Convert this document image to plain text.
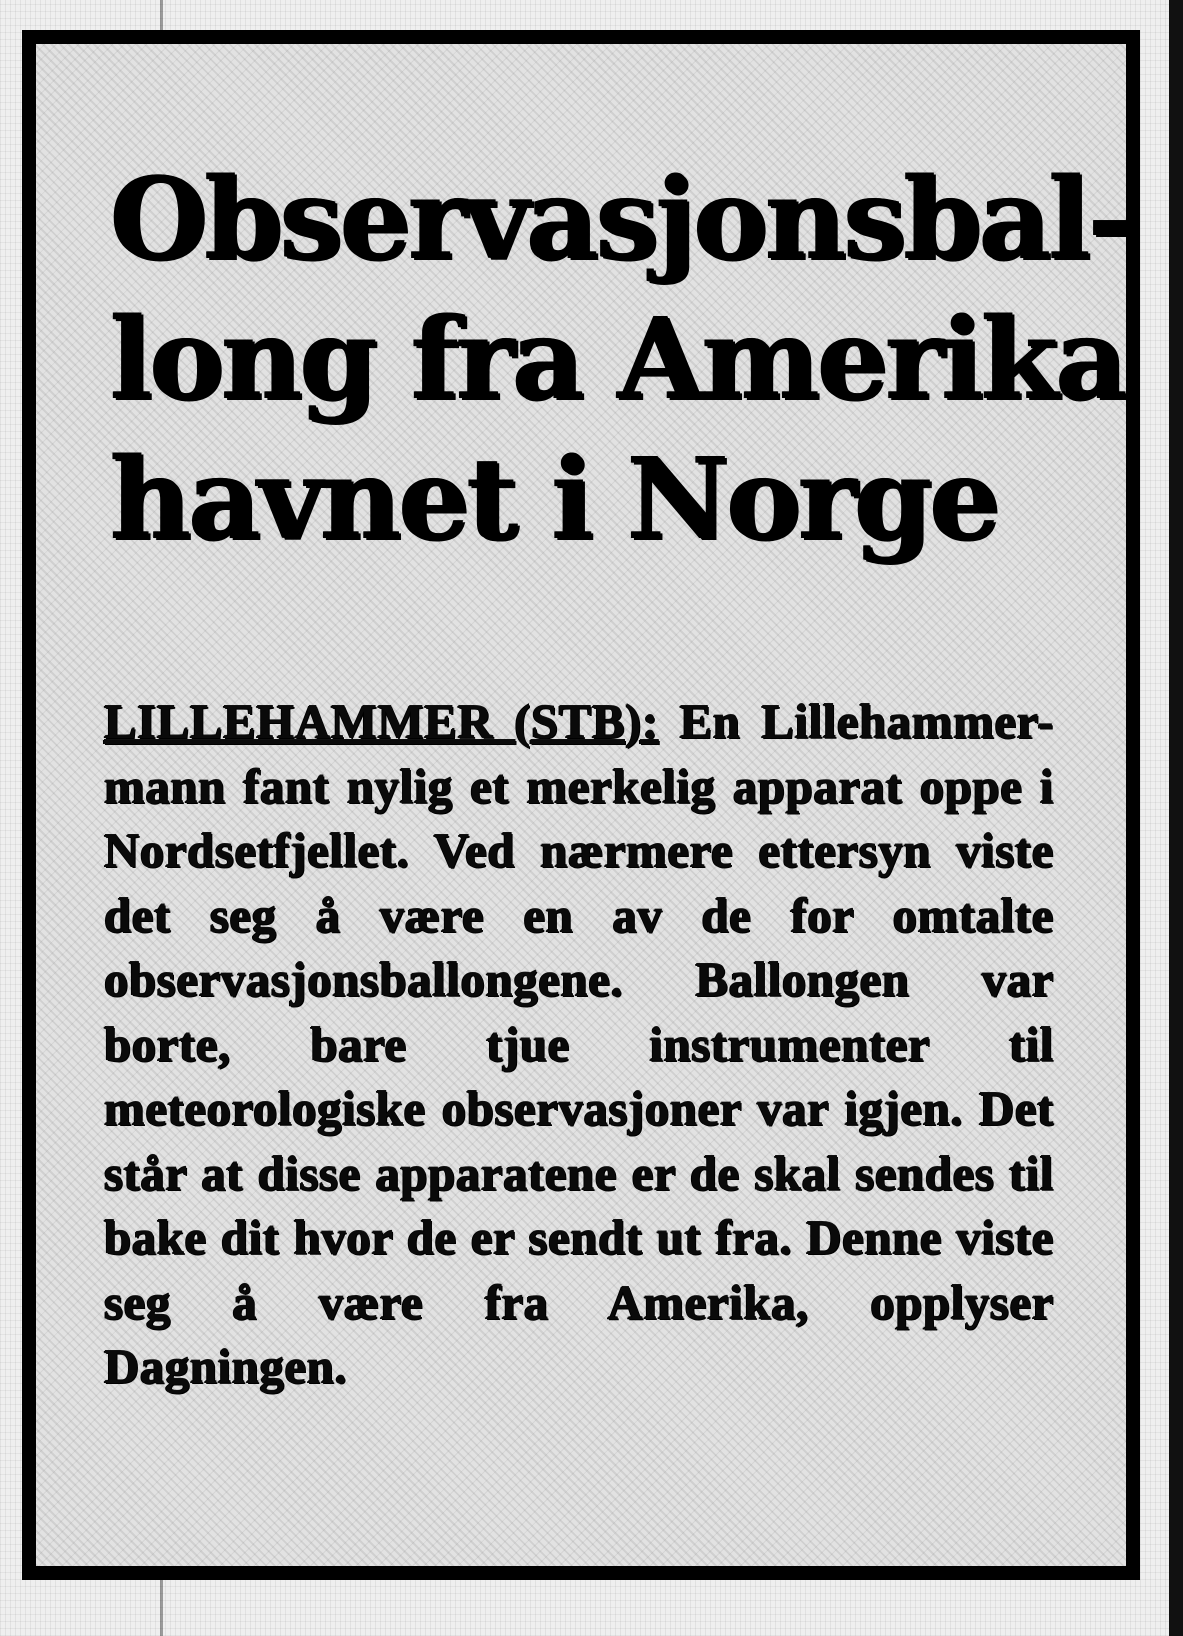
Observasjonsbal-
long fra Amerika
havnet i Norge

LILLEHAMMER (STB): En Lillehammer-mann fant nylig et merkelig apparat oppe i Nordsetfjellet. Ved nærmere ettersyn viste det seg å være en av de for omtalte observasjonsballongene. Ballongen var borte, bare tjue instrumenter til meteorologiske observasjoner var igjen. Det står at disse apparatene er de skal sendes til bake dit hvor de er sendt ut fra. Denne viste seg å være fra Amerika, opplyser Dagningen.
